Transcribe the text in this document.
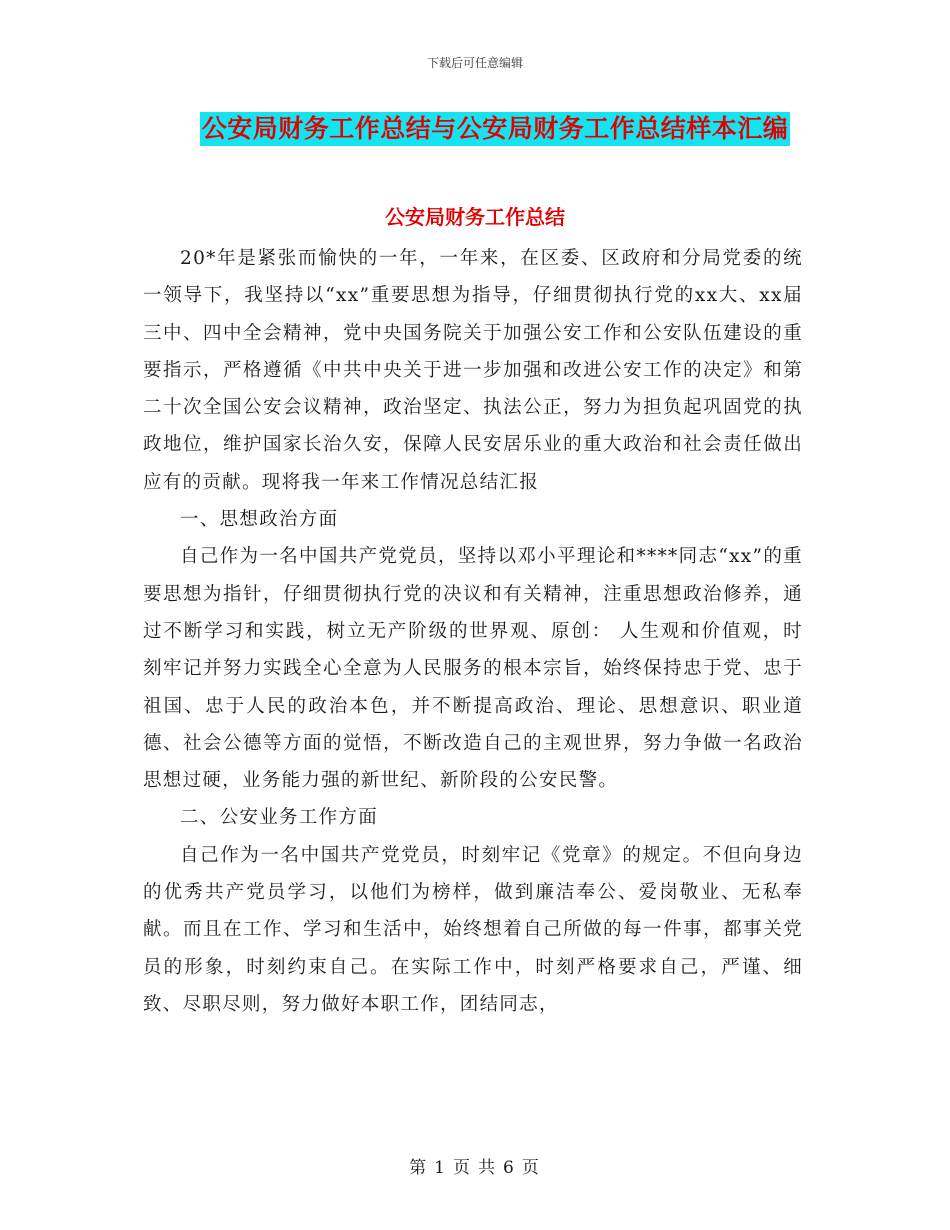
下载后可任意编辑
公安局财务工作总结与公安局财务工作总结样本汇编
公安局财务工作总结

20*年是紧张而愉快的一年，一年来，在区委、区政府和分局党委的统一领导下，我坚持以“xx”重要思想为指导，仔细贯彻执行党的xx大、xx届三中、四中全会精神，党中央国务院关于加强公安工作和公安队伍建设的重要指示，严格遵循《中共中央关于进一步加强和改进公安工作的决定》和第二十次全国公安会议精神，政治坚定、执法公正，努力为担负起巩固党的执政地位，维护国家长治久安，保障人民安居乐业的重大政治和社会责任做出应有的贡献。现将我一年来工作情况总结汇报

一、思想政治方面

自己作为一名中国共产党党员，坚持以邓小平理论和****同志“xx”的重要思想为指针，仔细贯彻执行党的决议和有关精神，注重思想政治修养，通过不断学习和实践，树立无产阶级的世界观、原创： 人生观和价值观，时刻牢记并努力实践全心全意为人民服务的根本宗旨，始终保持忠于党、忠于祖国、忠于人民的政治本色，并不断提高政治、理论、思想意识、职业道德、社会公德等方面的觉悟，不断改造自己的主观世界，努力争做一名政治思想过硬，业务能力强的新世纪、新阶段的公安民警。

二、公安业务工作方面

自己作为一名中国共产党党员，时刻牢记《党章》的规定。不但向身边的优秀共产党员学习，以他们为榜样，做到廉洁奉公、爱岗敬业、无私奉献。而且在工作、学习和生活中，始终想着自己所做的每一件事，都事关党员的形象，时刻约束自己。在实际工作中，时刻严格要求自己，严谨、细致、尽职尽则，努力做好本职工作，团结同志，

第 1 页 共 6 页
